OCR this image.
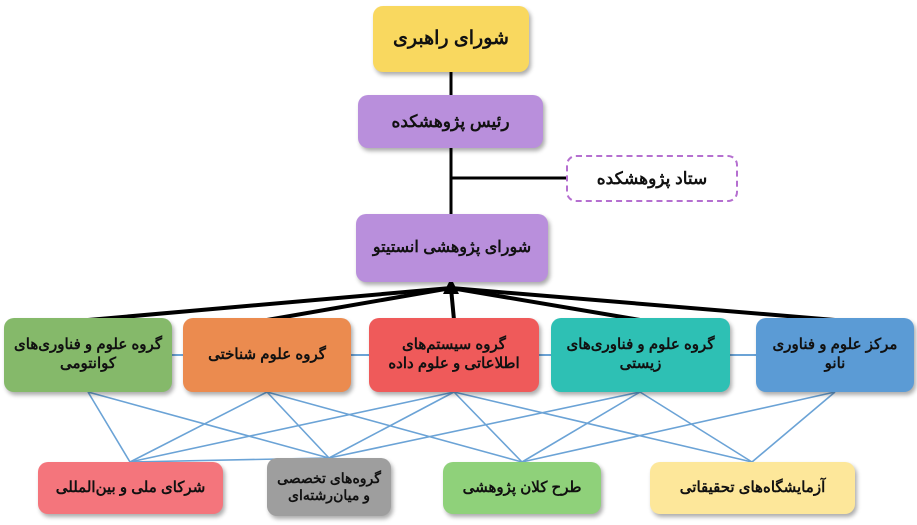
شورای راهبری
رئیس پژوهشکده
ستاد پژوهشکده
شورای پژوهشی انستیتو
گروه علوم و فناوری‌های کوانتومی
گروه علوم شناختی
گروه سیستم‌های اطلاعاتی و علوم داده
گروه علوم و فناوری‌های زیستی
مرکز علوم و فناوری نانو
شرکای ملی و بین‌المللی
گروه‌های تخصصی و میان‌رشته‌ای	طرح کلان پژوهشی	آزمایشگاه‌های تحقیقاتی
